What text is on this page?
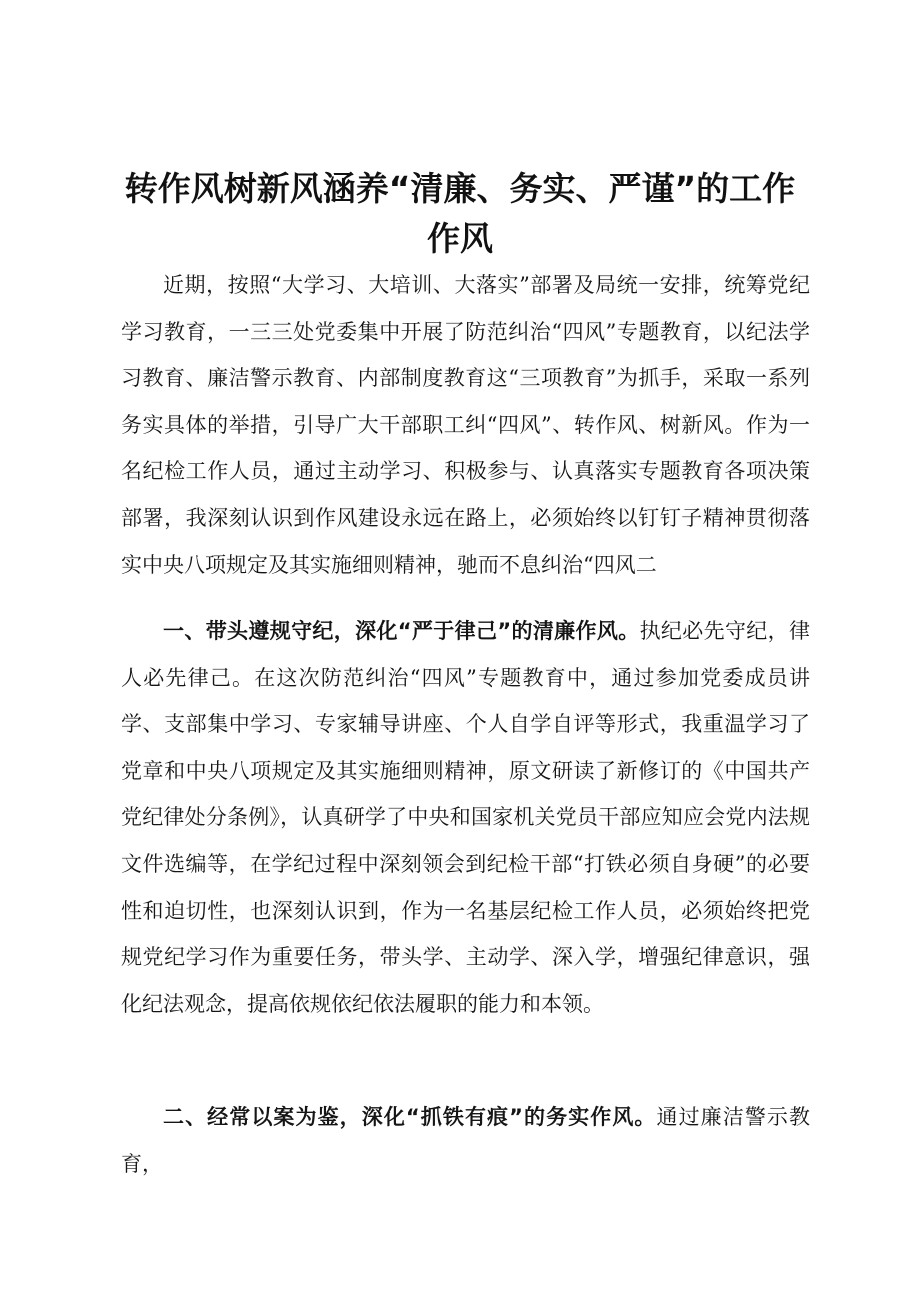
转作风树新风涵养“清廉、务实、严谨”的工作作风

近期，按照“大学习、大培训、大落实”部署及局统一安排，统筹党纪学习教育，一三三处党委集中开展了防范纠治“四风”专题教育，以纪法学习教育、廉洁警示教育、内部制度教育这“三项教育”为抓手，采取一系列务实具体的举措，引导广大干部职工纠“四风”、转作风、树新风。作为一名纪检工作人员，通过主动学习、积极参与、认真落实专题教育各项决策部署，我深刻认识到作风建设永远在路上，必须始终以钉钉子精神贯彻落实中央八项规定及其实施细则精神，驰而不息纠治“四风二

一、带头遵规守纪，深化“严于律己”的清廉作风。执纪必先守纪，律人必先律己。在这次防范纠治“四风”专题教育中，通过参加党委成员讲学、支部集中学习、专家辅导讲座、个人自学自评等形式，我重温学习了党章和中央八项规定及其实施细则精神，原文研读了新修订的《中国共产党纪律处分条例》，认真研学了中央和国家机关党员干部应知应会党内法规文件选编等，在学纪过程中深刻领会到纪检干部“打铁必须自身硬”的必要性和迫切性，也深刻认识到，作为一名基层纪检工作人员，必须始终把党规党纪学习作为重要任务，带头学、主动学、深入学，增强纪律意识，强化纪法观念，提高依规依纪依法履职的能力和本领。

二、经常以案为鉴，深化“抓铁有痕”的务实作风。通过廉洁警示教育，
